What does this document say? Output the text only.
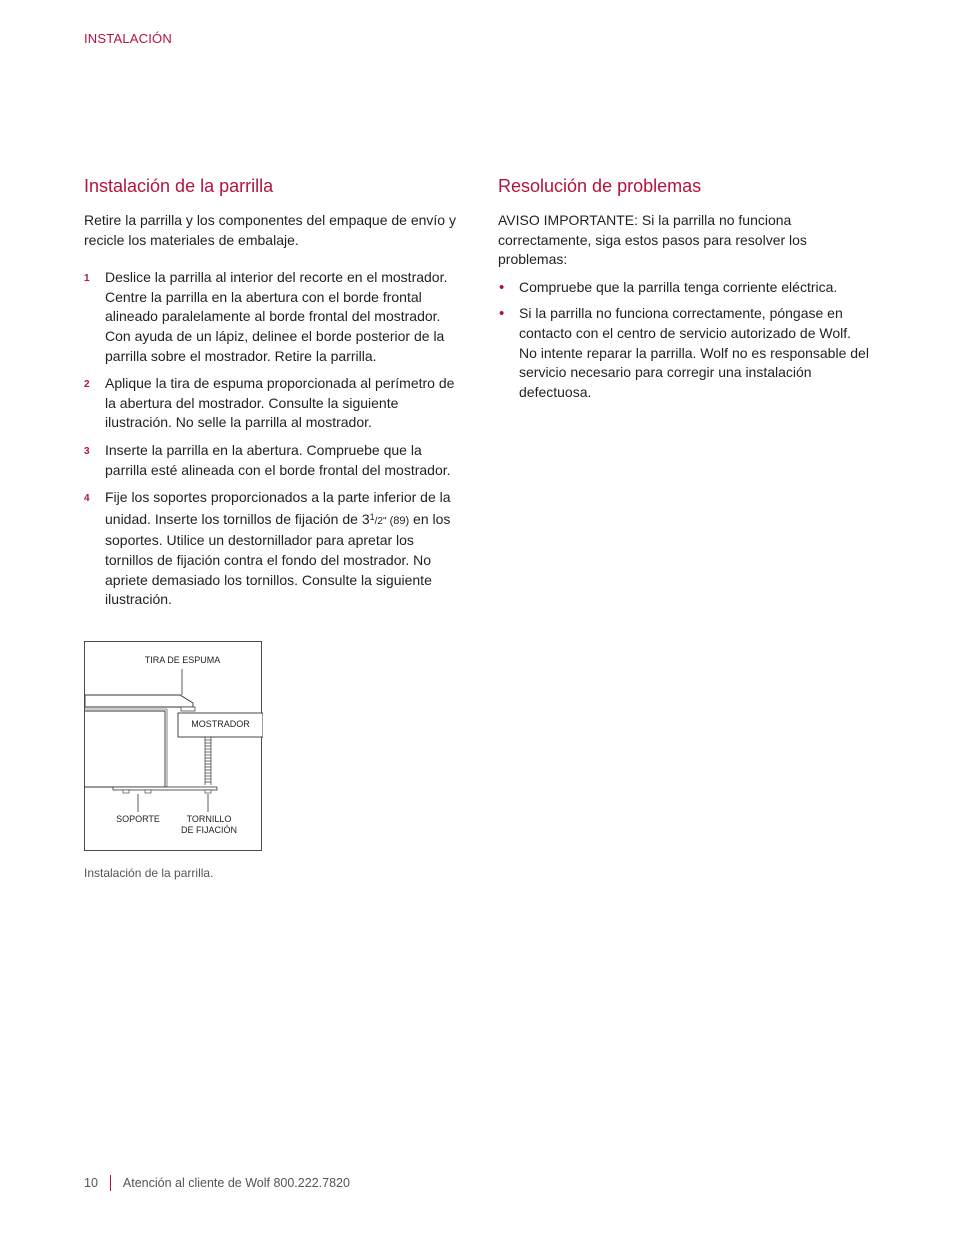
INSTALACIÓN
Instalación de la parrilla

Retire la parrilla y los componentes del empaque de envío y recicle los materiales de embalaje.

1 Deslice la parrilla al interior del recorte en el mostrador. Centre la parrilla en la abertura con el borde frontal alineado paralelamente al borde frontal del mostrador. Con ayuda de un lápiz, delinee el borde posterior de la parrilla sobre el mostrador. Retire la parrilla.
2 Aplique la tira de espuma proporcionada al perímetro de la abertura del mostrador. Consulte la siguiente ilustración. No selle la parrilla al mostrador.
3 Inserte la parrilla en la abertura. Compruebe que la parrilla esté alineada con el borde frontal del mostrador.
4 Fije los soportes proporcionados a la parte inferior de la unidad. Inserte los tornillos de fijación de $3^1/2$" (89) en los soportes. Utilice un destornillador para apretar los tornillos de fijación contra el fondo del mostrador. No apriete demasiado los tornillos. Consulte la siguiente ilustración.
Resolución de problemas

AVISO IMPORTANTE: Si la parrilla no funciona correctamente, siga estos pasos para resolver los problemas:

• Compruebe que la parrilla tenga corriente eléctrica.
• Si la parrilla no funciona correctamente, póngase en contacto con el centro de servicio autorizado de Wolf. No intente reparar la parrilla. Wolf no es responsable del servicio necesario para corregir una instalación defectuosa.
TIRA DE ESPUMA
MOSTRADOR
SOPORTE	TORNILLO
DE FIJACIÓN
Instalación de la parrilla.
10 Atención al cliente de Wolf 800.222.7820
